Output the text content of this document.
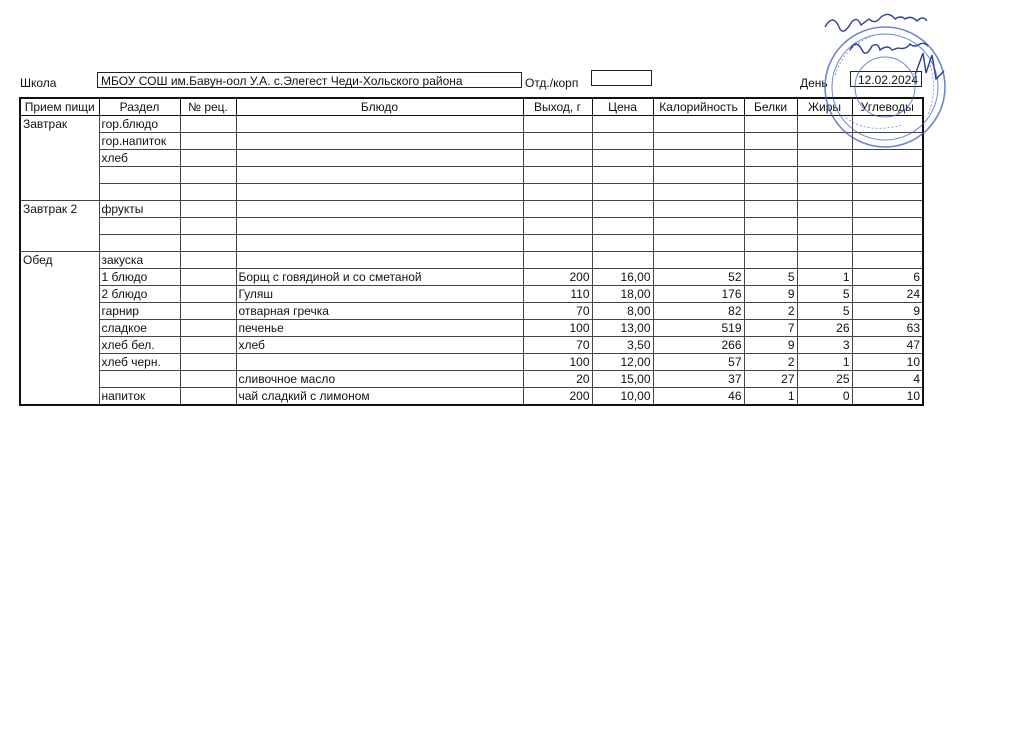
Школа	МБОУ СОШ им.Бавун-оол У.А. с.Элегест Чеди-Хольского района	Отд./корп	День	12.02.2024
Прием пищи	Раздел	№ рец.	Блюдо	Выход, г	Цена	Калорийность	Белки	Жиры	Углеводы
Завтрак	гор.блюдо								
	гор.напиток								
	хлеб								

Завтрак 2	фрукты								

Обед	закуска								
	1 блюдо		Борщ с говядиной и со сметаной	200	16,00	52	5	1	6
	2 блюдо		Гуляш	110	18,00	176	9	5	24
	гарнир		отварная гречка	70	8,00	82	2	5	9
	сладкое		печенье	100	13,00	519	7	26	63
	хлеб бел.		хлеб	70	3,50	266	9	3	47
	хлеб черн.			100	12,00	57	2	1	10
			сливочное масло	20	15,00	37	27	25	4
	напиток		чай сладкий с лимоном	200	10,00	46	1	0	10
